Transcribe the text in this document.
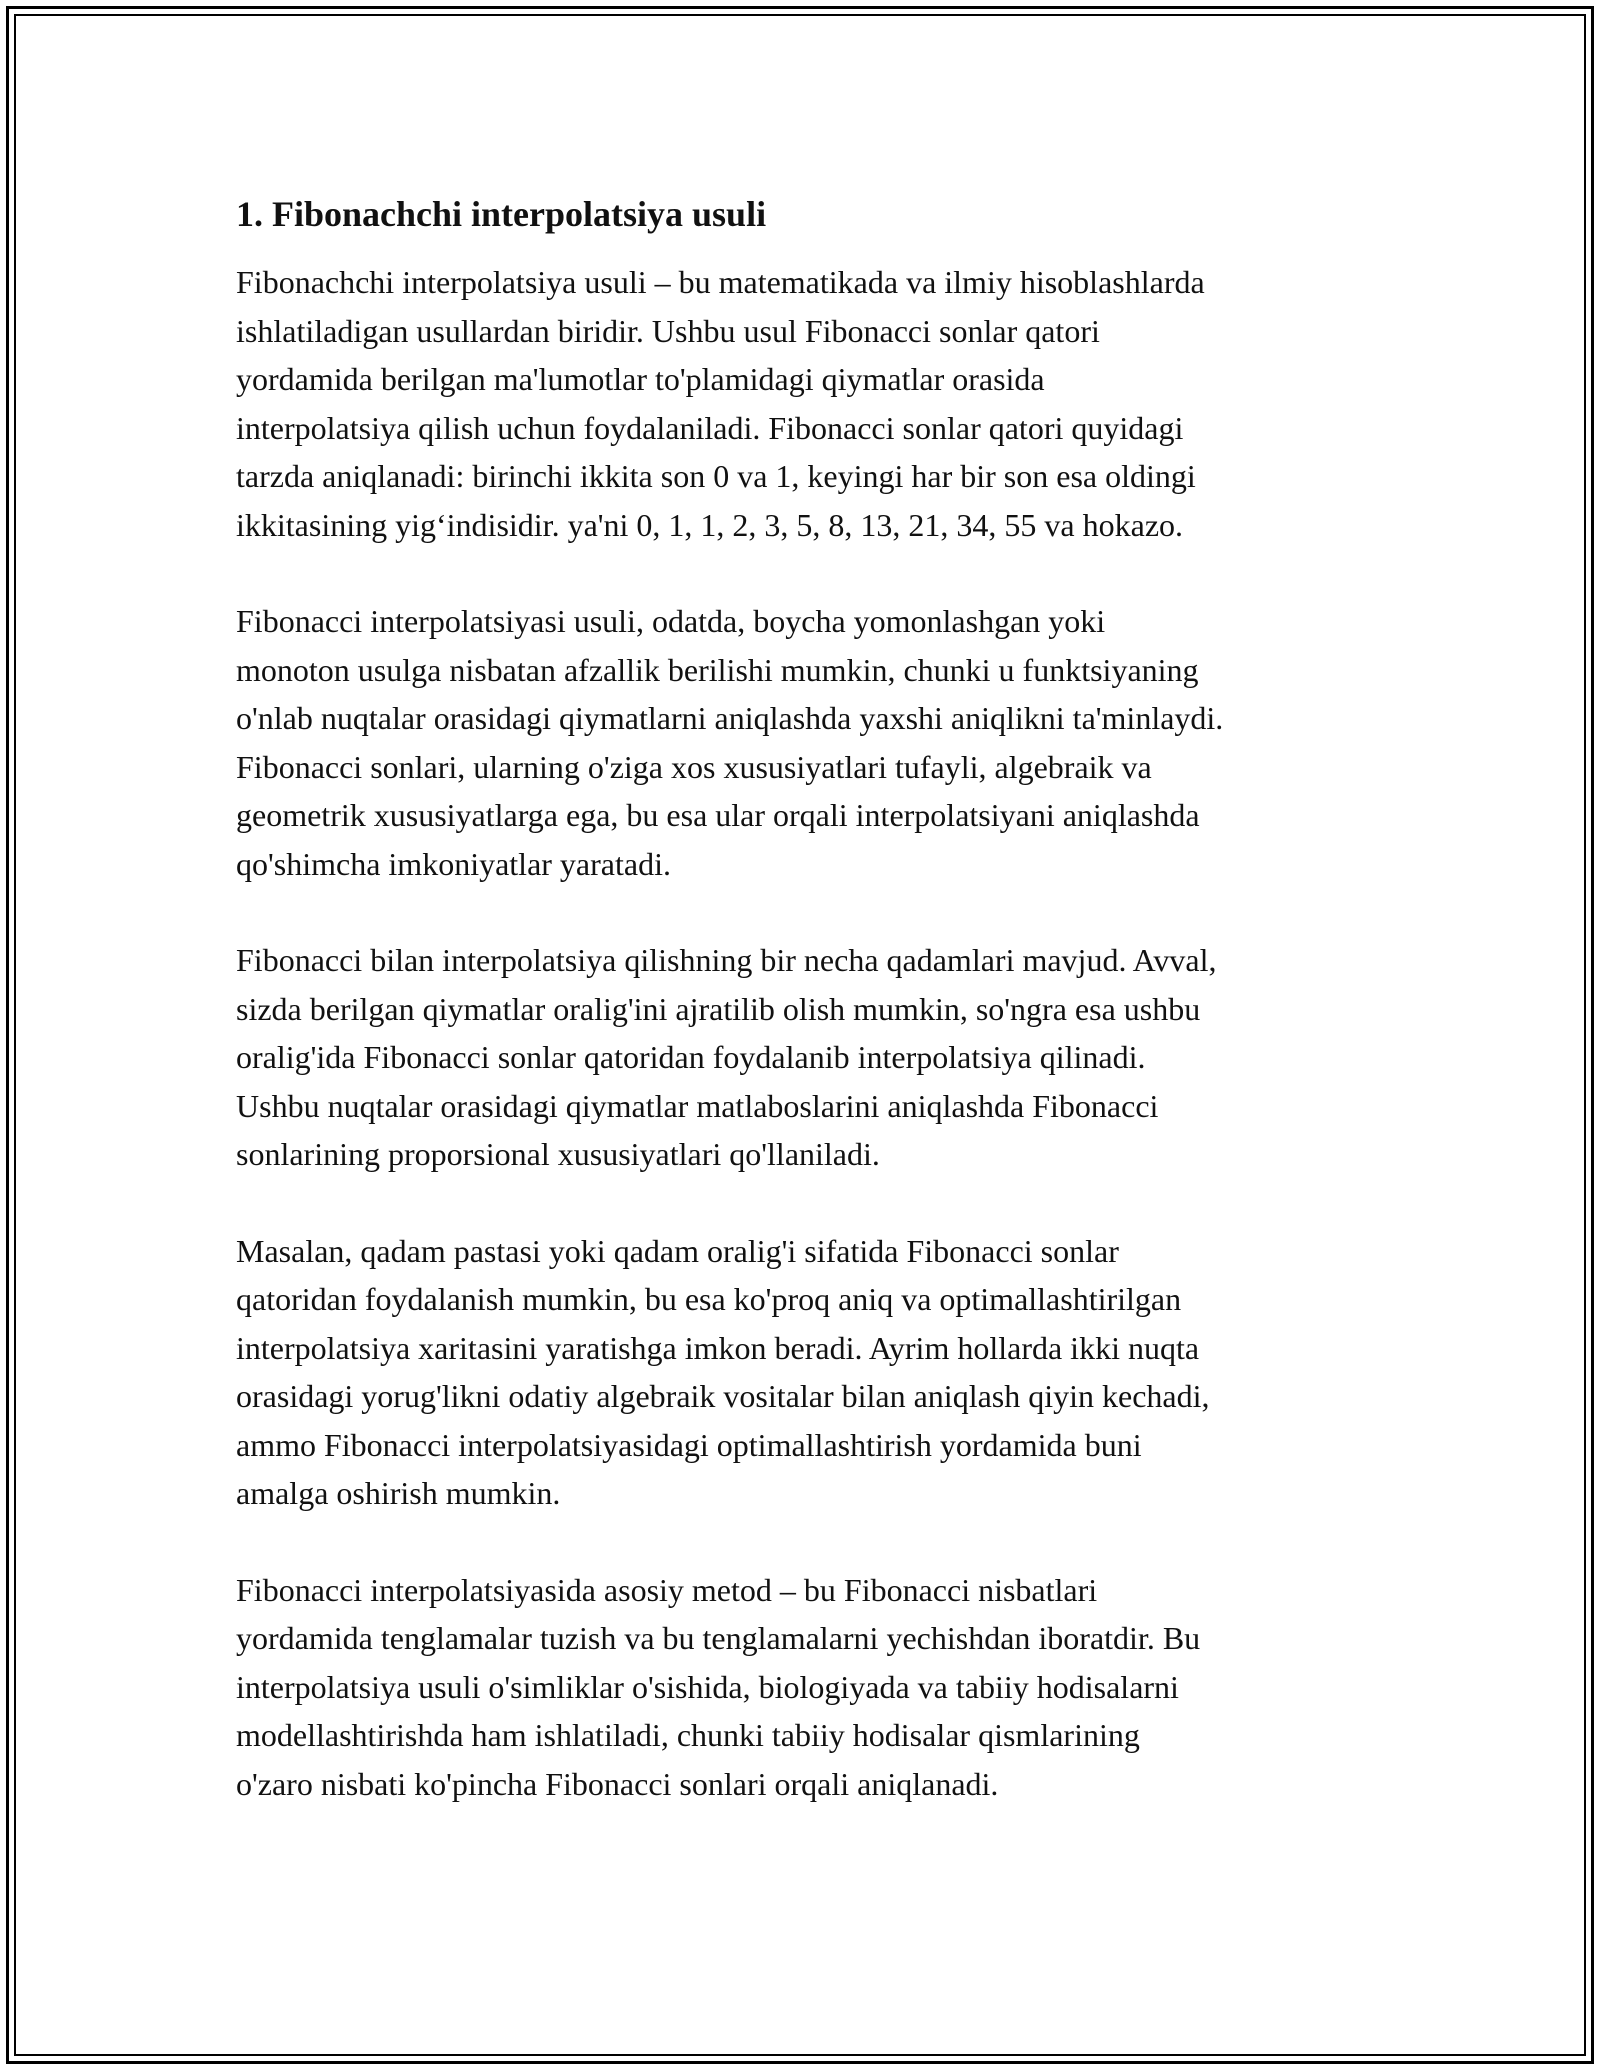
1. Fibonachchi interpolatsiya usuli

Fibonachchi interpolatsiya usuli – bu matematikada va ilmiy hisoblashlarda
ishlatiladigan usullardan biridir. Ushbu usul Fibonacci sonlar qatori
yordamida berilgan ma'lumotlar to'plamidagi qiymatlar orasida
interpolatsiya qilish uchun foydalaniladi. Fibonacci sonlar qatori quyidagi
tarzda aniqlanadi: birinchi ikkita son 0 va 1, keyingi har bir son esa oldingi
ikkitasining yig‘indisidir. ya'ni 0, 1, 1, 2, 3, 5, 8, 13, 21, 34, 55 va hokazo.

Fibonacci interpolatsiyasi usuli, odatda, boycha yomonlashgan yoki
monoton usulga nisbatan afzallik berilishi mumkin, chunki u funktsiyaning
o'nlab nuqtalar orasidagi qiymatlarni aniqlashda yaxshi aniqlikni ta'minlaydi.
Fibonacci sonlari, ularning o'ziga xos xususiyatlari tufayli, algebraik va
geometrik xususiyatlarga ega, bu esa ular orqali interpolatsiyani aniqlashda
qo'shimcha imkoniyatlar yaratadi.

Fibonacci bilan interpolatsiya qilishning bir necha qadamlari mavjud. Avval,
sizda berilgan qiymatlar oralig'ini ajratilib olish mumkin, so'ngra esa ushbu
oralig'ida Fibonacci sonlar qatoridan foydalanib interpolatsiya qilinadi.
Ushbu nuqtalar orasidagi qiymatlar matlaboslarini aniqlashda Fibonacci
sonlarining proporsional xususiyatlari qo'llaniladi.

Masalan, qadam pastasi yoki qadam oralig'i sifatida Fibonacci sonlar
qatoridan foydalanish mumkin, bu esa ko'proq aniq va optimallashtirilgan
interpolatsiya xaritasini yaratishga imkon beradi. Ayrim hollarda ikki nuqta
orasidagi yorug'likni odatiy algebraik vositalar bilan aniqlash qiyin kechadi,
ammo Fibonacci interpolatsiyasidagi optimallashtirish yordamida buni
amalga oshirish mumkin.

Fibonacci interpolatsiyasida asosiy metod – bu Fibonacci nisbatlari
yordamida tenglamalar tuzish va bu tenglamalarni yechishdan iboratdir. Bu
interpolatsiya usuli o'simliklar o'sishida, biologiyada va tabiiy hodisalarni
modellashtirishda ham ishlatiladi, chunki tabiiy hodisalar qismlarining
o'zaro nisbati ko'pincha Fibonacci sonlari orqali aniqlanadi.
